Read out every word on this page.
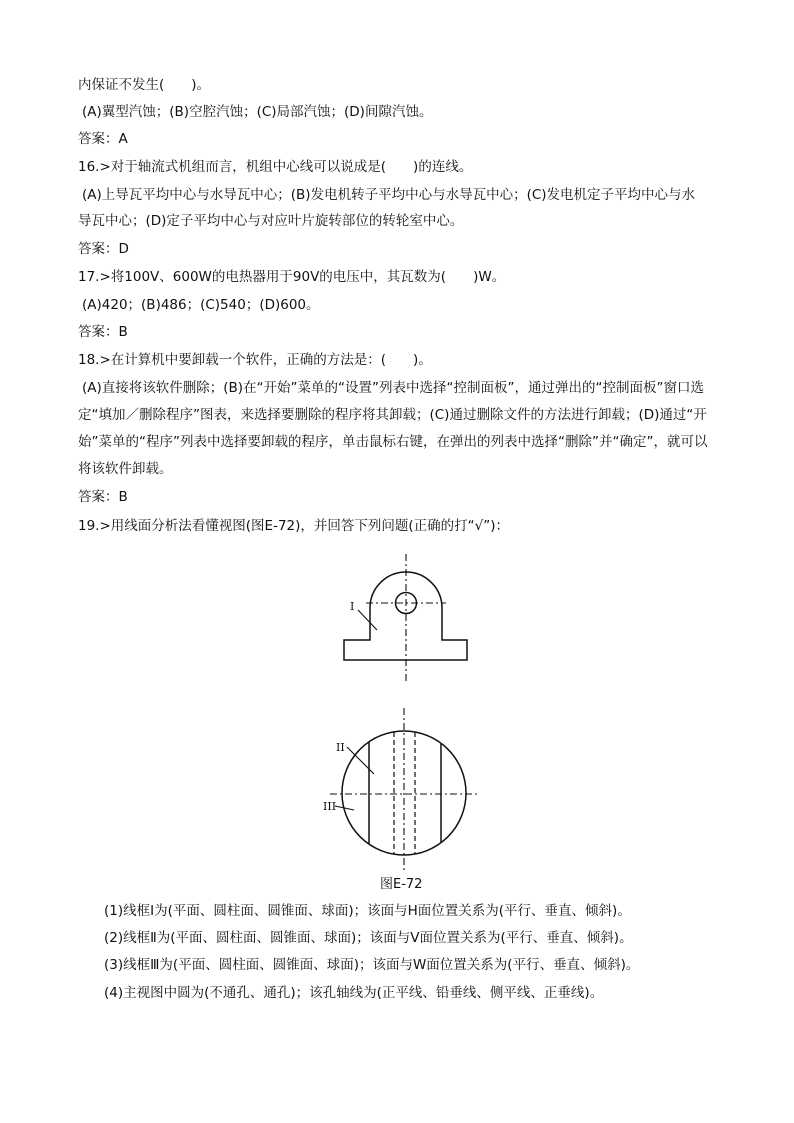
内保证不发生(　　)。
(A)翼型汽蚀；(B)空腔汽蚀；(C)局部汽蚀；(D)间隙汽蚀。
答案：A
16.>对于轴流式机组而言，机组中心线可以说成是(　　)的连线。
(A)上导瓦平均中心与水导瓦中心；(B)发电机转子平均中心与水导瓦中心；(C)发电机定子平均中心与水
导瓦中心；(D)定子平均中心与对应叶片旋转部位的转轮室中心。
答案：D
17.>将100V、600W的电热器用于90V的电压中，其瓦数为(　　)W。
(A)420；(B)486；(C)540；(D)600。
答案：B
18.>在计算机中要卸载一个软件，正确的方法是：(　　)。
(A)直接将该软件删除；(B)在“开始”菜单的“设置”列表中选择“控制面板”，通过弹出的“控制面板”窗口选
定“填加／删除程序”图表，来选择要删除的程序将其卸载；(C)通过删除文件的方法进行卸载；(D)通过“开
始”菜单的“程序”列表中选择要卸载的程序，单击鼠标右键，在弹出的列表中选择“删除”并“确定”，就可以
将该软件卸载。
答案：B
19.>用线面分析法看懂视图(图E-72)，并回答下列问题(正确的打“√”)：
I
II
III
图E-72
(1)线框Ⅰ为(平面、圆柱面、圆锥面、球面)；该面与H面位置关系为(平行、垂直、倾斜)。
(2)线框Ⅱ为(平面、圆柱面、圆锥面、球面)；该面与V面位置关系为(平行、垂直、倾斜)。
(3)线框Ⅲ为(平面、圆柱面、圆锥面、球面)；该面与W面位置关系为(平行、垂直、倾斜)。
(4)主视图中圆为(不通孔、通孔)；该孔轴线为(正平线、铅垂线、侧平线、正垂线)。
